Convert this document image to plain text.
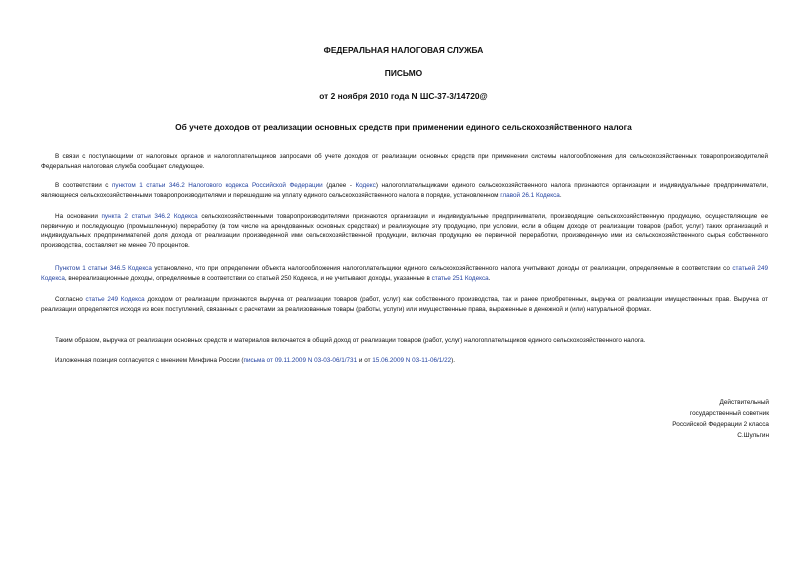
ФЕДЕРАЛЬНАЯ НАЛОГОВАЯ СЛУЖБА
ПИСЬМО
от 2 ноября 2010 года N ШС-37-3/14720@
Об учете доходов от реализации основных средств при применении единого сельскохозяйственного налога

В связи с поступающими от налоговых органов и налогоплательщиков запросами об учете доходов от реализации основных средств при применении системы налогообложения для сельскохозяйственных товаропроизводителей Федеральная налоговая служба сообщает следующее.

В соответствии с пунктом 1 статьи 346.2 Налогового кодекса Российской Федерации (далее - Кодекс) налогоплательщиками единого сельскохозяйственного налога признаются организации и индивидуальные предприниматели, являющиеся сельскохозяйственными товаропроизводителями и перешедшие на уплату единого сельскохозяйственного налога в порядке, установленном главой 26.1 Кодекса.

На основании пункта 2 статьи 346.2 Кодекса сельскохозяйственными товаропроизводителями признаются организации и индивидуальные предприниматели, производящие сельскохозяйственную продукцию, осуществляющие ее первичную и последующую (промышленную) переработку (в том числе на арендованных основных средствах) и реализующие эту продукцию, при условии, если в общем доходе от реализации товаров (работ, услуг) таких организаций и индивидуальных предпринимателей доля дохода от реализации произведенной ими сельскохозяйственной продукции, включая продукцию ее первичной переработки, произведенную ими из сельскохозяйственного сырья собственного производства, составляет не менее 70 процентов.

Пунктом 1 статьи 346.5 Кодекса установлено, что при определении объекта налогообложения налогоплательщики единого сельскохозяйственного налога учитывают доходы от реализации, определяемые в соответствии со статьей 249 Кодекса, внереализационные доходы, определяемые в соответствии со статьей 250 Кодекса, и не учитывают доходы, указанные в статье 251 Кодекса.

Согласно статье 249 Кодекса доходом от реализации признаются выручка от реализации товаров (работ, услуг) как собственного производства, так и ранее приобретенных, выручка от реализации имущественных прав. Выручка от реализации определяется исходя из всех поступлений, связанных с расчетами за реализованные товары (работы, услуги) или имущественные права, выраженные в денежной и (или) натуральной формах.

Таким образом, выручка от реализации основных средств и материалов включается в общий доход от реализации товаров (работ, услуг) налогоплательщиков единого сельскохозяйственного налога.

Изложенная позиция согласуется с мнением Минфина России (письма от 09.11.2009 N 03-03-06/1/731 и от 15.06.2009 N 03-11-06/1/22).

Действительный
государственный советник
Российской Федерации 2 класса
С.Шульгин
